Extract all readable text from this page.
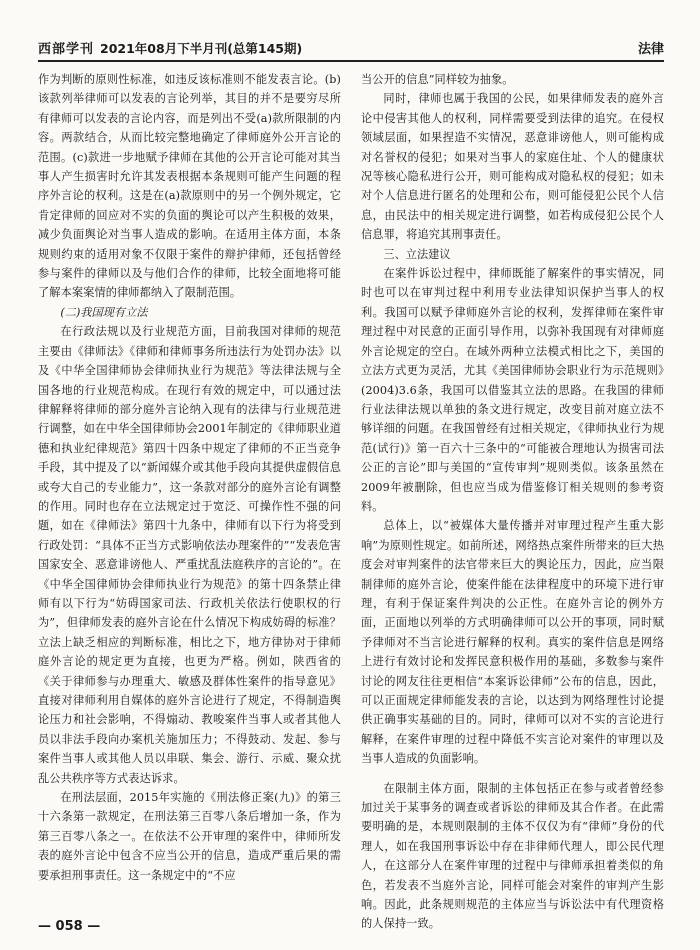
西部学刊 2021年08月下半月刊(总第145期)	法律

作为判断的原则性标准，如违反该标准则不能发表言论。(b)该款列举律师可以发表的言论列举，其目的并不是要穷尽所有律师可以发表的言论内容，而是列出不受(a)款所限制的内容。两款结合，从而比较完整地确定了律师庭外公开言论的范围。(c)款进一步地赋予律师在其他的公开言论可能对其当事人产生损害时允许其发表根据本条规则可能产生问题的程序外言论的权利。这是在(a)款原则中的另一个例外规定，它肯定律师的回应对不实的负面的舆论可以产生积极的效果，减少负面舆论对当事人造成的影响。在适用主体方面，本条规则约束的适用对象不仅限于案件的辩护律师，还包括曾经参与案件的律师以及与他们合作的律师，比较全面地将可能了解本案案情的律师都纳入了限制范围。

(二)我国现有立法

在行政法规以及行业规范方面，目前我国对律师的规范主要由《律师法》《律师和律师事务所违法行为处罚办法》以及《中华全国律师协会律师执业行为规范》等法律法规与全国各地的行业规范构成。在现行有效的规定中，可以通过法律解释将律师的部分庭外言论纳入现有的法律与行业规范进行调整，如在中华全国律师协会2001年制定的《律师职业道德和执业纪律规范》第四十四条中规定了律师的不正当竞争手段，其中提及了以“新闻媒介或其他手段向其提供虚假信息或夸大自己的专业能力”，这一条款对部分的庭外言论有调整的作用。同时也存在立法规定过于宽泛、可操作性不强的问题，如在《律师法》第四十九条中，律师有以下行为将受到行政处罚：“具体不正当方式影响依法办理案件的”“发表危害国家安全、恶意诽谤他人、严重扰乱法庭秩序的言论的”。在《中华全国律师协会律师执业行为规范》的第十四条禁止律师有以下行为“妨碍国家司法、行政机关依法行使职权的行为”，但律师发表的庭外言论在什么情况下构成妨碍的标准？立法上缺乏相应的判断标准，相比之下，地方律协对于律师庭外言论的规定更为直接，也更为严格。例如，陕西省的《关于律师参与办理重大、敏感及群体性案件的指导意见》直接对律师利用自媒体的庭外言论进行了规定，不得制造舆论压力和社会影响，不得煽动、教唆案件当事人或者其他人员以非法手段向办案机关施加压力；不得鼓动、发起、参与案件当事人或其他人员以串联、集会、游行、示威、聚众扰乱公共秩序等方式表达诉求。

在刑法层面，2015年实施的《刑法修正案(九)》的第三十六条第一款规定，在刑法第三百零八条后增加一条，作为第三百零八条之一。在依法不公开审理的案件中，律师所发表的庭外言论中包含不应当公开的信息，造成严重后果的需要承担刑事责任。这一条规定中的“不应

当公开的信息”同样较为抽象。

同时，律师也属于我国的公民，如果律师发表的庭外言论中侵害其他人的权利，同样需要受到法律的追究。在侵权领域层面，如果捏造不实情况，恶意诽谤他人，则可能构成对名誉权的侵犯；如果对当事人的家庭住址、个人的健康状况等核心隐私进行公开，则可能构成对隐私权的侵犯；如未对个人信息进行匿名的处理和公布，则可能侵犯公民个人信息，由民法中的相关规定进行调整，如若构成侵犯公民个人信息罪，将追究其刑事责任。

三、立法建议

在案件诉讼过程中，律师既能了解案件的事实情况，同时也可以在审判过程中利用专业法律知识保护当事人的权利。我国可以赋予律师庭外言论的权利，发挥律师在案件审理过程中对民意的正面引导作用，以弥补我国现有对律师庭外言论规定的空白。在域外两种立法模式相比之下，美国的立法方式更为灵活，尤其《美国律师协会职业行为示范规则》(2004)3.6条，我国可以借鉴其立法的思路。在我国的律师行业法律法规以单独的条文进行规定，改变目前对庭立法不够详细的问题。在我国曾经有过相关规定，《律师执业行为规范(试行)》第一百六十三条中的“可能被合理地认为损害司法公正的言论”即与美国的“宣传审判”规则类似。该条虽然在2009年被删除，但也应当成为借鉴修订相关规则的参考资料。

总体上，以“被媒体大量传播并对审理过程产生重大影响”为原则性规定。如前所述，网络热点案件所带来的巨大热度会对审判案件的法官带来巨大的舆论压力，因此，应当限制律师的庭外言论，使案件能在法律程度中的环境下进行审理，有利于保证案件判决的公正性。在庭外言论的例外方面，正面地以列举的方式明确律师可以公开的事项，同时赋予律师对不当言论进行解释的权利。真实的案件信息是网络上进行有效讨论和发挥民意积极作用的基础，多数参与案件讨论的网友往往更相信“本案诉讼律师”公布的信息，因此，可以正面规定律师能发表的言论，以达到为网络理性讨论提供正确事实基础的目的。同时，律师可以对不实的言论进行解释，在案件审理的过程中降低不实言论对案件的审理以及当事人造成的负面影响。

在限制主体方面，限制的主体包括正在参与或者曾经参加过关于某事务的调查或者诉讼的律师及其合作者。在此需要明确的是，本规则限制的主体不仅仅为有“律师”身份的代理人，如在我国刑事诉讼中存在非律师代理人，即公民代理人，在这部分人在案件审理的过程中与律师承担着类似的角色，若发表不当庭外言论，同样可能会对案件的审判产生影响。因此，此条规则规范的主体应当与诉讼法中有代理资格的人保持一致。

— 058 —
